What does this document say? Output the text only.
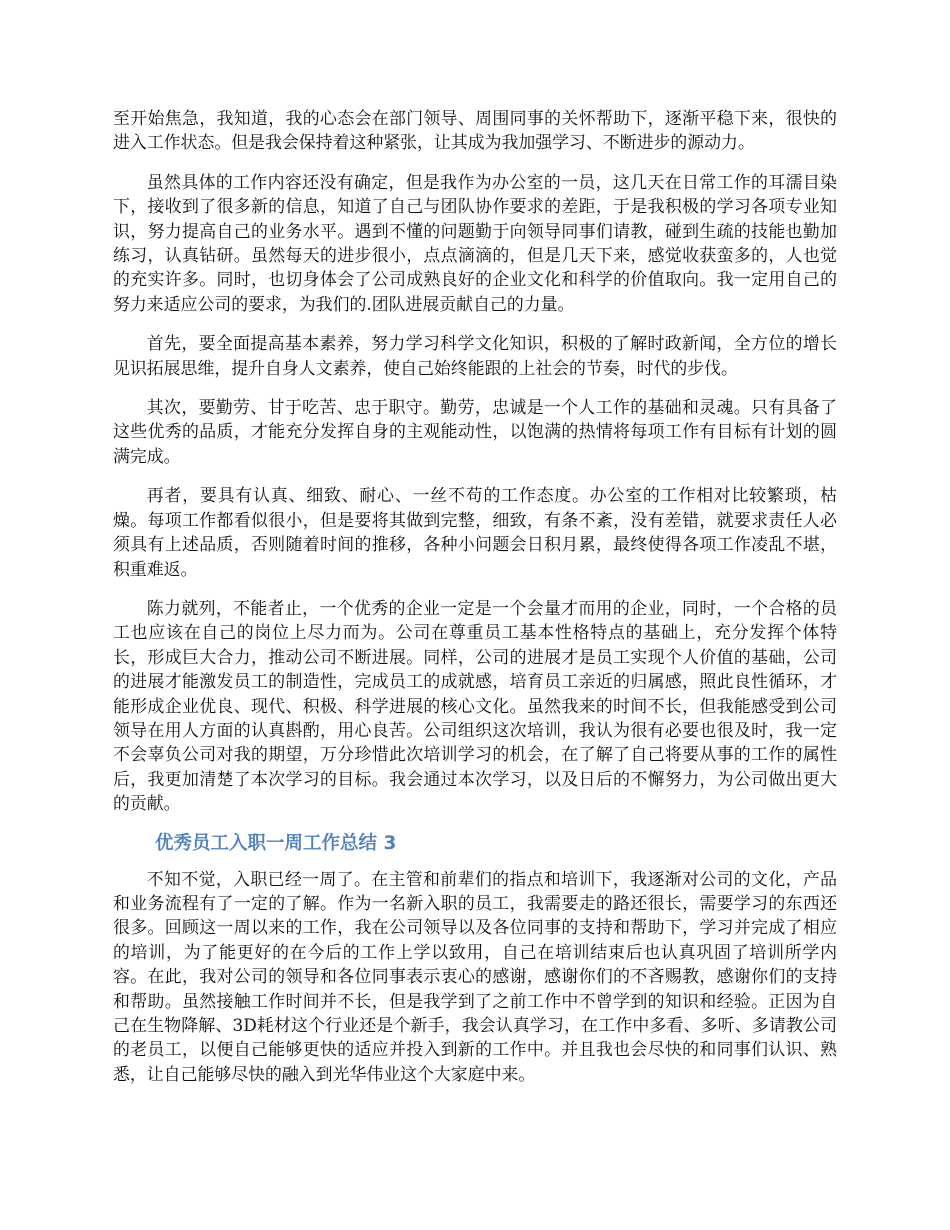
至开始焦急，我知道，我的心态会在部门领导、周围同事的关怀帮助下，逐渐平稳下来，很快的进入工作状态。但是我会保持着这种紧张，让其成为我加强学习、不断进步的源动力。

虽然具体的工作内容还没有确定，但是我作为办公室的一员，这几天在日常工作的耳濡目染下，接收到了很多新的信息，知道了自己与团队协作要求的差距，于是我积极的学习各项专业知识，努力提高自己的业务水平。遇到不懂的问题勤于向领导同事们请教，碰到生疏的技能也勤加练习，认真钻研。虽然每天的进步很小，点点滴滴的，但是几天下来，感觉收获蛮多的，人也觉的充实许多。同时，也切身体会了公司成熟良好的企业文化和科学的价值取向。我一定用自己的努力来适应公司的要求，为我们的.团队进展贡献自己的力量。

首先，要全面提高基本素养，努力学习科学文化知识，积极的了解时政新闻，全方位的增长见识拓展思维，提升自身人文素养，使自己始终能跟的上社会的节奏，时代的步伐。

其次，要勤劳、甘于吃苦、忠于职守。勤劳，忠诚是一个人工作的基础和灵魂。只有具备了这些优秀的品质，才能充分发挥自身的主观能动性，以饱满的热情将每项工作有目标有计划的圆满完成。

再者，要具有认真、细致、耐心、一丝不苟的工作态度。办公室的工作相对比较繁琐，枯燥。每项工作都看似很小，但是要将其做到完整，细致，有条不紊，没有差错，就要求责任人必须具有上述品质，否则随着时间的推移，各种小问题会日积月累，最终使得各项工作凌乱不堪，积重难返。

陈力就列，不能者止，一个优秀的企业一定是一个会量才而用的企业，同时，一个合格的员工也应该在自己的岗位上尽力而为。公司在尊重员工基本性格特点的基础上，充分发挥个体特长，形成巨大合力，推动公司不断进展。同样，公司的进展才是员工实现个人价值的基础，公司的进展才能激发员工的制造性，完成员工的成就感，培育员工亲近的归属感，照此良性循环，才能形成企业优良、现代、积极、科学进展的核心文化。虽然我来的时间不长，但我能感受到公司领导在用人方面的认真斟酌，用心良苦。公司组织这次培训，我认为很有必要也很及时，我一定不会辜负公司对我的期望，万分珍惜此次培训学习的机会，在了解了自己将要从事的工作的属性后，我更加清楚了本次学习的目标。我会通过本次学习，以及日后的不懈努力，为公司做出更大的贡献。

优秀员工入职一周工作总结 3

不知不觉，入职已经一周了。在主管和前辈们的指点和培训下，我逐渐对公司的文化，产品和业务流程有了一定的了解。作为一名新入职的员工，我需要走的路还很长，需要学习的东西还很多。回顾这一周以来的工作，我在公司领导以及各位同事的支持和帮助下，学习并完成了相应的培训，为了能更好的在今后的工作上学以致用，自己在培训结束后也认真巩固了培训所学内容。在此，我对公司的领导和各位同事表示衷心的感谢，感谢你们的不吝赐教，感谢你们的支持和帮助。虽然接触工作时间并不长，但是我学到了之前工作中不曾学到的知识和经验。正因为自己在生物降解、3D耗材这个行业还是个新手，我会认真学习，在工作中多看、多听、多请教公司的老员工，以便自己能够更快的适应并投入到新的工作中。并且我也会尽快的和同事们认识、熟悉，让自己能够尽快的融入到光华伟业这个大家庭中来。
